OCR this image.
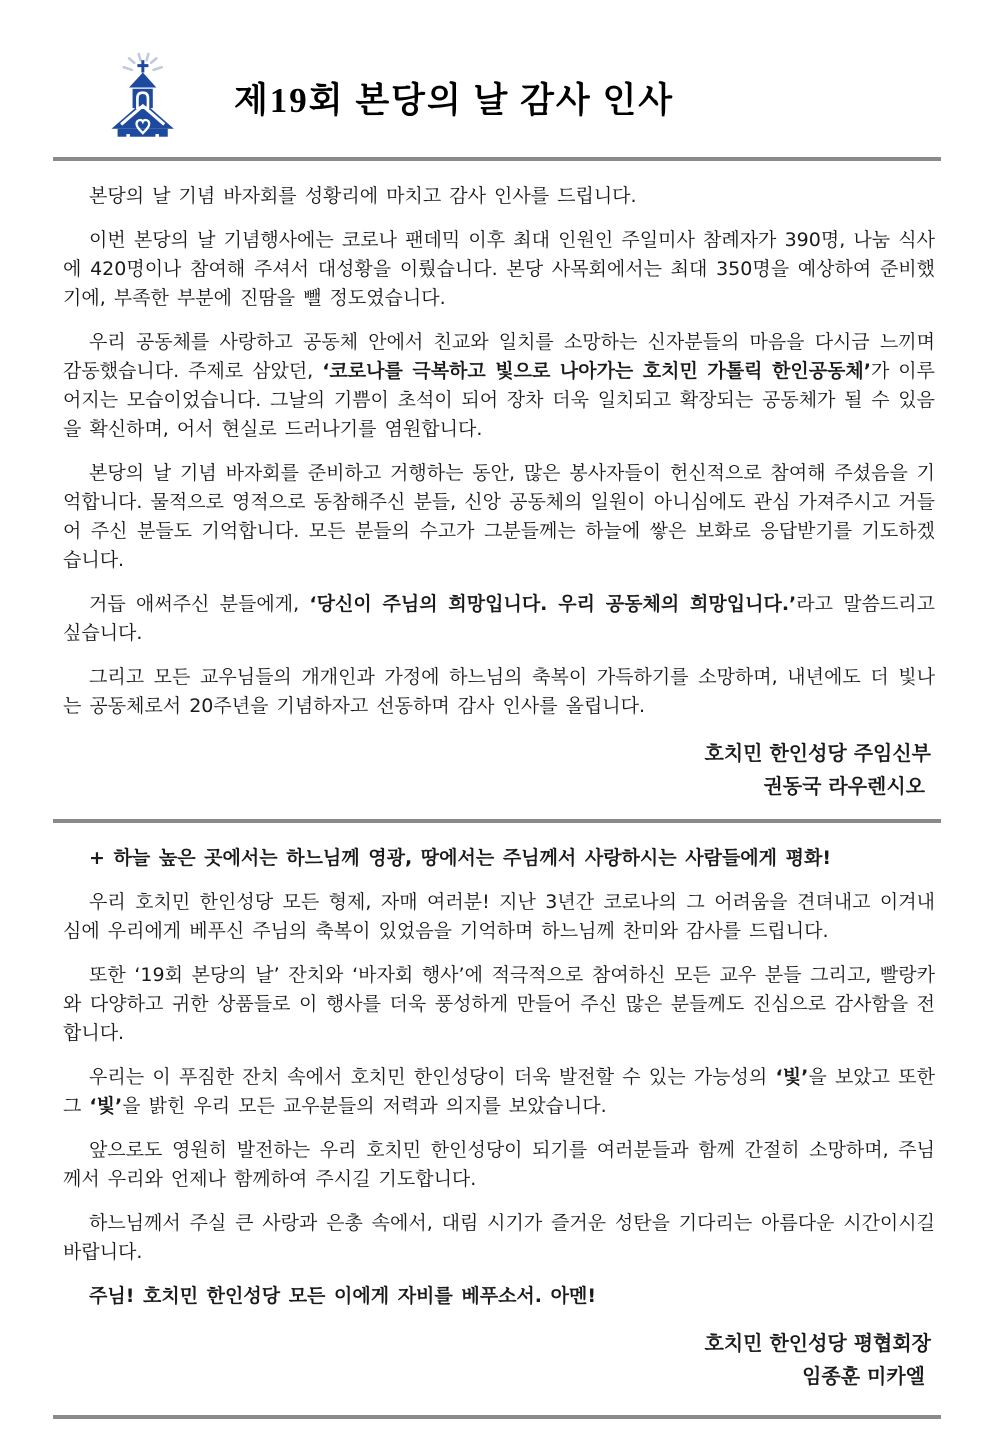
제19회 본당의 날 감사 인사

본당의 날 기념 바자회를 성황리에 마치고 감사 인사를 드립니다.

이번 본당의 날 기념행사에는 코로나 팬데믹 이후 최대 인원인 주일미사 참례자가 390명, 나눔 식사에 420명이나 참여해 주셔서 대성황을 이뤘습니다. 본당 사목회에서는 최대 350명을 예상하여 준비했기에, 부족한 부분에 진땀을 뺄 정도였습니다.

우리 공동체를 사랑하고 공동체 안에서 친교와 일치를 소망하는 신자분들의 마음을 다시금 느끼며 감동했습니다. 주제로 삼았던, ‘코로나를 극복하고 빛으로 나아가는 호치민 가톨릭 한인공동체’가 이루어지는 모습이었습니다. 그날의 기쁨이 초석이 되어 장차 더욱 일치되고 확장되는 공동체가 될 수 있음을 확신하며, 어서 현실로 드러나기를 염원합니다.

본당의 날 기념 바자회를 준비하고 거행하는 동안, 많은 봉사자들이 헌신적으로 참여해 주셨음을 기억합니다. 물적으로 영적으로 동참해주신 분들, 신앙 공동체의 일원이 아니심에도 관심 가져주시고 거들어 주신 분들도 기억합니다. 모든 분들의 수고가 그분들께는 하늘에 쌓은 보화로 응답받기를 기도하겠습니다.

거듭 애써주신 분들에게, ‘당신이 주님의 희망입니다. 우리 공동체의 희망입니다.’라고 말씀드리고 싶습니다.

그리고 모든 교우님들의 개개인과 가정에 하느님의 축복이 가득하기를 소망하며, 내년에도 더 빛나는 공동체로서 20주년을 기념하자고 선동하며 감사 인사를 올립니다.

호치민 한인성당 주임신부
권동국 라우렌시오

+ 하늘 높은 곳에서는 하느님께 영광, 땅에서는 주님께서 사랑하시는 사람들에게 평화!

우리 호치민 한인성당 모든 형제, 자매 여러분! 지난 3년간 코로나의 그 어려움을 견뎌내고 이겨내심에 우리에게 베푸신 주님의 축복이 있었음을 기억하며 하느님께 찬미와 감사를 드립니다.

또한 ‘19회 본당의 날’ 잔치와 ‘바자회 행사’에 적극적으로 참여하신 모든 교우 분들 그리고, 빨랑카와 다양하고 귀한 상품들로 이 행사를 더욱 풍성하게 만들어 주신 많은 분들께도 진심으로 감사함을 전합니다.

우리는 이 푸짐한 잔치 속에서 호치민 한인성당이 더욱 발전할 수 있는 가능성의 ‘빛’을 보았고 또한 그 ‘빛’을 밝힌 우리 모든 교우분들의 저력과 의지를 보았습니다.

앞으로도 영원히 발전하는 우리 호치민 한인성당이 되기를 여러분들과 함께 간절히 소망하며, 주님께서 우리와 언제나 함께하여 주시길 기도합니다.

하느님께서 주실 큰 사랑과 은총 속에서, 대림 시기가 즐거운 성탄을 기다리는 아름다운 시간이시길 바랍니다.

주님! 호치민 한인성당 모든 이에게 자비를 베푸소서. 아멘!

호치민 한인성당 평협회장
임종훈 미카엘
